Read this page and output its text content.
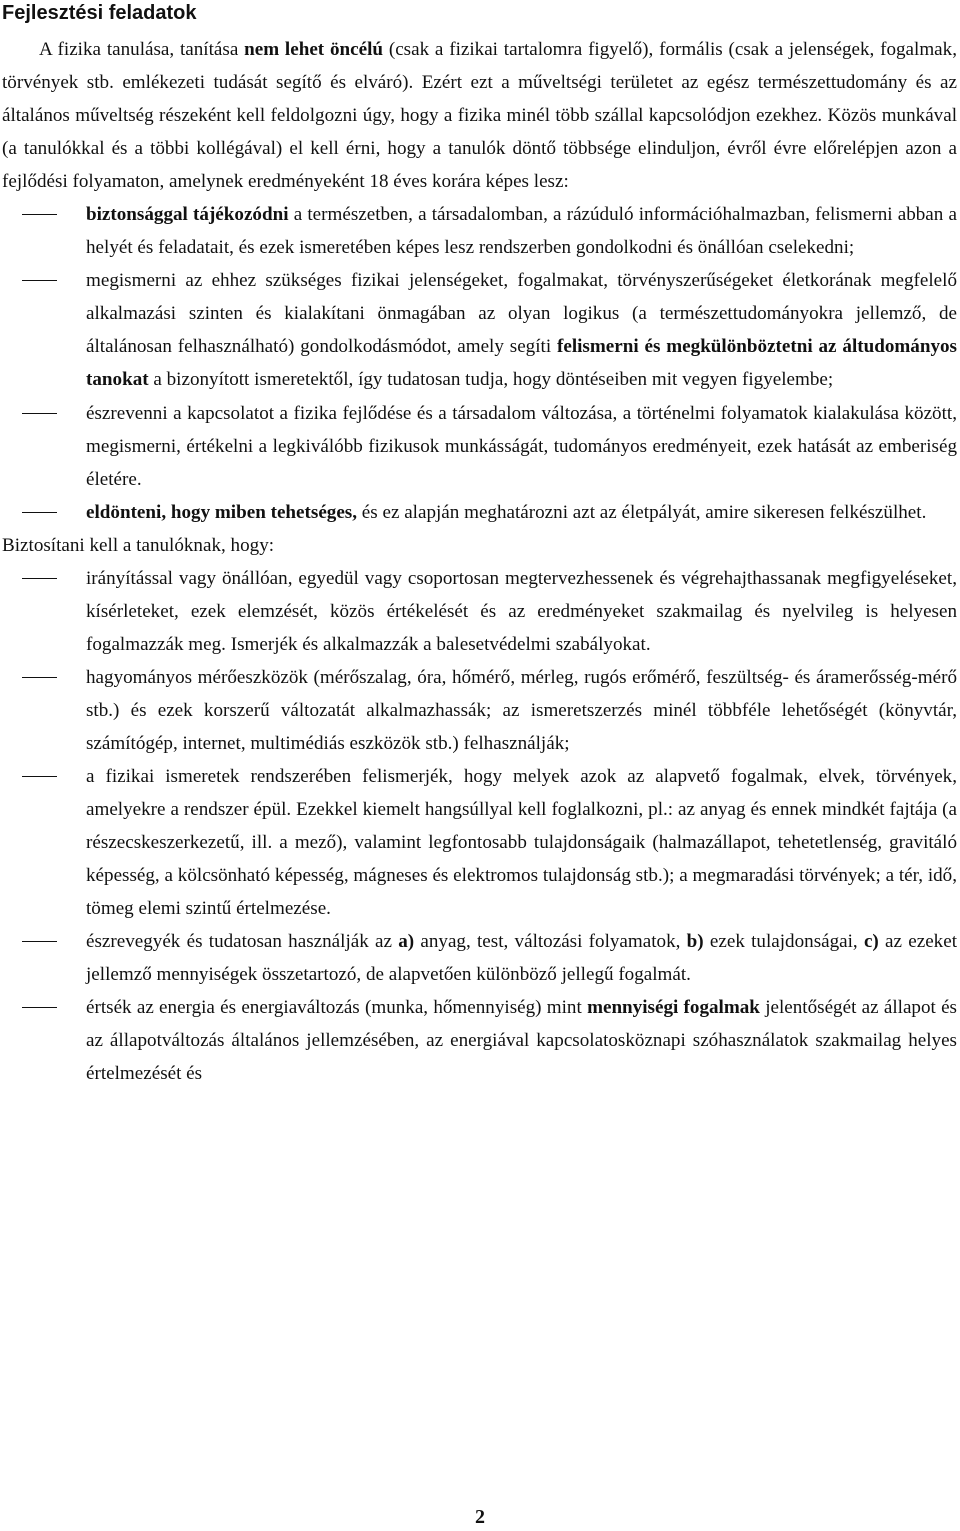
Fejlesztési feladatok

A fizika tanulása, tanítása nem lehet öncélú (csak a fizikai tartalomra figyelő), formális (csak a jelenségek, fogalmak, törvények stb. emlékezeti tudását segítő és elváró). Ezért ezt a műveltségi területet az egész természettudomány és az általános műveltség részeként kell feldolgozni úgy, hogy a fizika minél több szállal kapcsolódjon ezekhez. Közös munkával (a tanulókkal és a többi kollégával) el kell érni, hogy a tanulók döntő többsége elinduljon, évről évre előrelépjen azon a fejlődési folyamaton, amelynek eredményeként 18 éves korára képes lesz:

biztonsággal tájékozódni a természetben, a társadalomban, a rázúduló információhalmazban, felismerni abban a helyét és feladatait, és ezek ismeretében képes lesz rendszerben gondolkodni és önállóan cselekedni;
megismerni az ehhez szükséges fizikai jelenségeket, fogalmakat, törvényszerűségeket életkorának megfelelő alkalmazási szinten és kialakítani önmagában az olyan logikus (a természettudományokra jellemző, de általánosan felhasználható) gondolkodásmódot, amely segíti felismerni és megkülönböztetni az áltudományos tanokat a bizonyított ismeretektől, így tudatosan tudja, hogy döntéseiben mit vegyen figyelembe;
észrevenni a kapcsolatot a fizika fejlődése és a társadalom változása, a történelmi folyamatok kialakulása között, megismerni, értékelni a legkiválóbb fizikusok munkásságát, tudományos eredményeit, ezek hatását az emberiség életére.
eldönteni, hogy miben tehetséges, és ez alapján meghatározni azt az életpályát, amire sikeresen felkészülhet.

Biztosítani kell a tanulóknak, hogy:

irányítással vagy önállóan, egyedül vagy csoportosan megtervezhessenek és végrehajthassanak megfigyeléseket, kísérleteket, ezek elemzését, közös értékelését és az eredményeket szakmailag és nyelvileg is helyesen fogalmazzák meg. Ismerjék és alkalmazzák a balesetvédelmi szabályokat.
hagyományos mérőeszközök (mérőszalag, óra, hőmérő, mérleg, rugós erőmérő, feszültség- és áramerősség-mérő stb.) és ezek korszerű változatát alkalmazhassák; az ismeretszerzés minél többféle lehetőségét (könyvtár, számítógép, internet, multimédiás eszközök stb.) felhasználják;
a fizikai ismeretek rendszerében felismerjék, hogy melyek azok az alapvető fogalmak, elvek, törvények, amelyekre a rendszer épül. Ezekkel kiemelt hangsúllyal kell foglalkozni, pl.: az anyag és ennek mindkét fajtája (a részecskeszerkezetű, ill. a mező), valamint legfontosabb tulajdonságaik (halmazállapot, tehetetlenség, gravitáló képesség, a kölcsönható képesség, mágneses és elektromos tulajdonság stb.); a megmaradási törvények; a tér, idő, tömeg elemi szintű értelmezése.
észrevegyék és tudatosan használják az a) anyag, test, változási folyamatok, b) ezek tulajdonságai, c) az ezeket jellemző mennyiségek összetartozó, de alapvetően különböző jellegű fogalmát.
értsék az energia és energiaváltozás (munka, hőmennyiség) mint mennyiségi fogalmak jelentőségét az állapot és az állapotváltozás általános jellemzésében, az energiával kapcsolatosköznapi szóhasználatok szakmailag helyes értelmezését és
2
